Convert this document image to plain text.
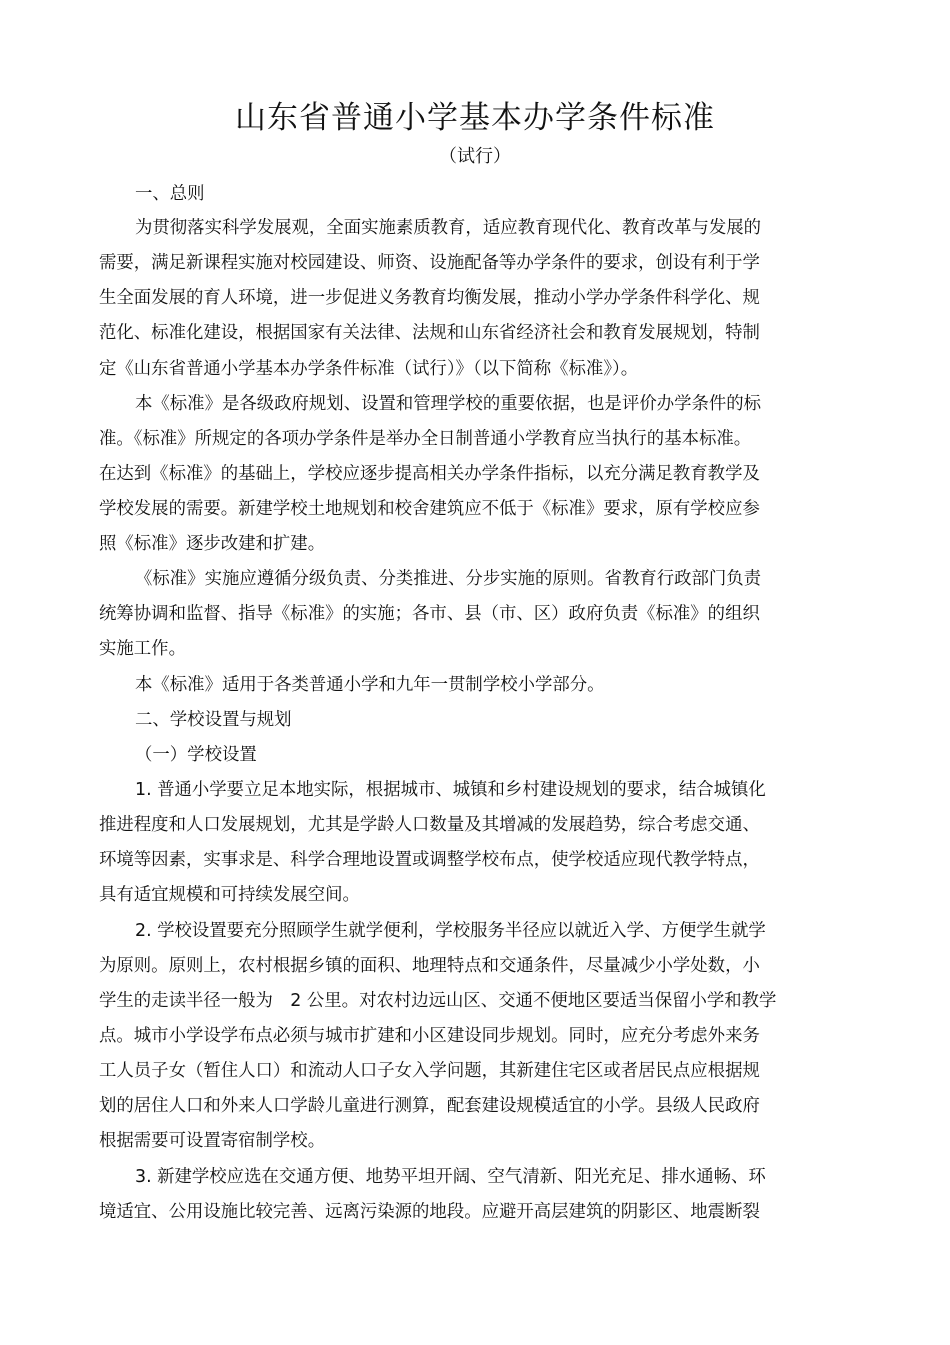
山东省普通小学基本办学条件标准
（试行）
一、总则
为贯彻落实科学发展观，全面实施素质教育，适应教育现代化、教育改革与发展的
需要，满足新课程实施对校园建设、师资、设施配备等办学条件的要求，创设有利于学
生全面发展的育人环境，进一步促进义务教育均衡发展，推动小学办学条件科学化、规
范化、标准化建设，根据国家有关法律、法规和山东省经济社会和教育发展规划，特制
定《山东省普通小学基本办学条件标准（试行）》（以下简称《标准》）。
本《标准》是各级政府规划、设置和管理学校的重要依据，也是评价办学条件的标
准。《标准》所规定的各项办学条件是举办全日制普通小学教育应当执行的基本标准。
在达到《标准》的基础上，学校应逐步提高相关办学条件指标，以充分满足教育教学及
学校发展的需要。新建学校土地规划和校舍建筑应不低于《标准》要求，原有学校应参
照《标准》逐步改建和扩建。
《标准》实施应遵循分级负责、分类推进、分步实施的原则。省教育行政部门负责
统筹协调和监督、指导《标准》的实施；各市、县（市、区）政府负责《标准》的组织
实施工作。
本《标准》适用于各类普通小学和九年一贯制学校小学部分。
二、学校设置与规划
（一）学校设置
1. 普通小学要立足本地实际，根据城市、城镇和乡村建设规划的要求，结合城镇化
推进程度和人口发展规划，尤其是学龄人口数量及其增减的发展趋势，综合考虑交通、
环境等因素，实事求是、科学合理地设置或调整学校布点，使学校适应现代教学特点，
具有适宜规模和可持续发展空间。
2. 学校设置要充分照顾学生就学便利，学校服务半径应以就近入学、方便学生就学
为原则。原则上，农村根据乡镇的面积、地理特点和交通条件，尽量减少小学处数，小
学生的走读半径一般为　2 公里。对农村边远山区、交通不便地区要适当保留小学和教学
点。城市小学设学布点必须与城市扩建和小区建设同步规划。同时，应充分考虑外来务
工人员子女（暂住人口）和流动人口子女入学问题，其新建住宅区或者居民点应根据规
划的居住人口和外来人口学龄儿童进行测算，配套建设规模适宜的小学。县级人民政府
根据需要可设置寄宿制学校。
3. 新建学校应选在交通方便、地势平坦开阔、空气清新、阳光充足、排水通畅、环
境适宜、公用设施比较完善、远离污染源的地段。应避开高层建筑的阴影区、地震断裂
